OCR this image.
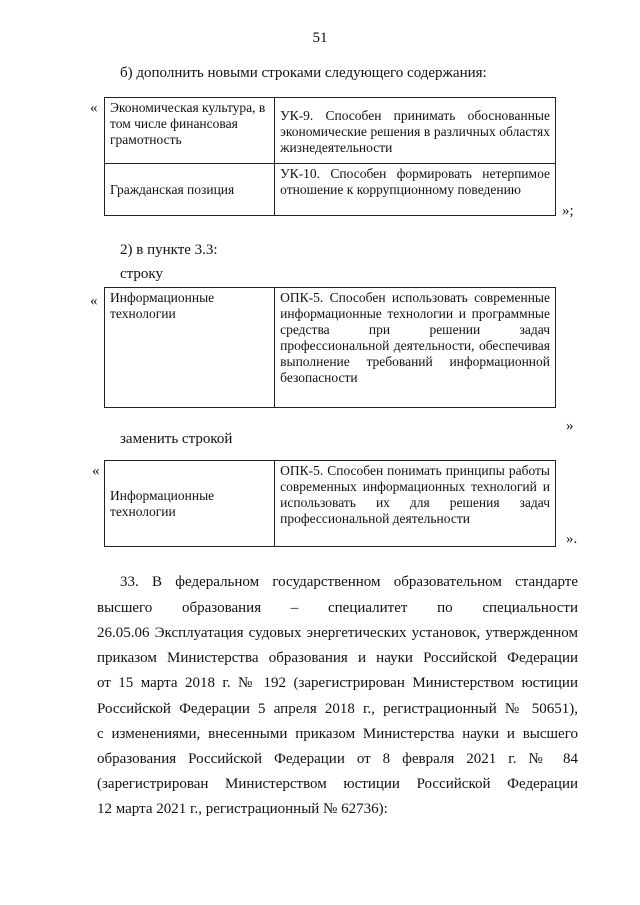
51

б) дополнить новыми строками следующего содержания:

« Экономическая культура, в том числе финансовая грамотность	УК-9. Способен принимать обоснованные экономические решения в различных областях жизнедеятельности
Гражданская позиция	УК-10. Способен формировать нетерпимое отношение к коррупционному поведению
»;

2) в пункте 3.3:

строку

« Информационные технологии	ОПК-5. Способен использовать современные информационные технологии и программные средства при решении задач профессиональной деятельности, обеспечивая выполнение требований информационной безопасности
»

заменить строкой

«
Информационные технологии	ОПК-5. Способен понимать принципы работы современных информационных технологий и использовать их для решения задач профессиональной деятельности
».

33. В федеральном государственном образовательном стандарте

высшего образования – специалитет по специальности

26.05.06 Эксплуатация судовых энергетических установок, утвержденном

приказом Министерства образования и науки Российской Федерации

от 15 марта 2018 г. № 192 (зарегистрирован Министерством юстиции

Российской Федерации 5 апреля 2018 г., регистрационный № 50651),

с изменениями, внесенными приказом Министерства науки и высшего

образования Российской Федерации от 8 февраля 2021 г. № 84

(зарегистрирован Министерством юстиции Российской Федерации

12 марта 2021 г., регистрационный № 62736):
